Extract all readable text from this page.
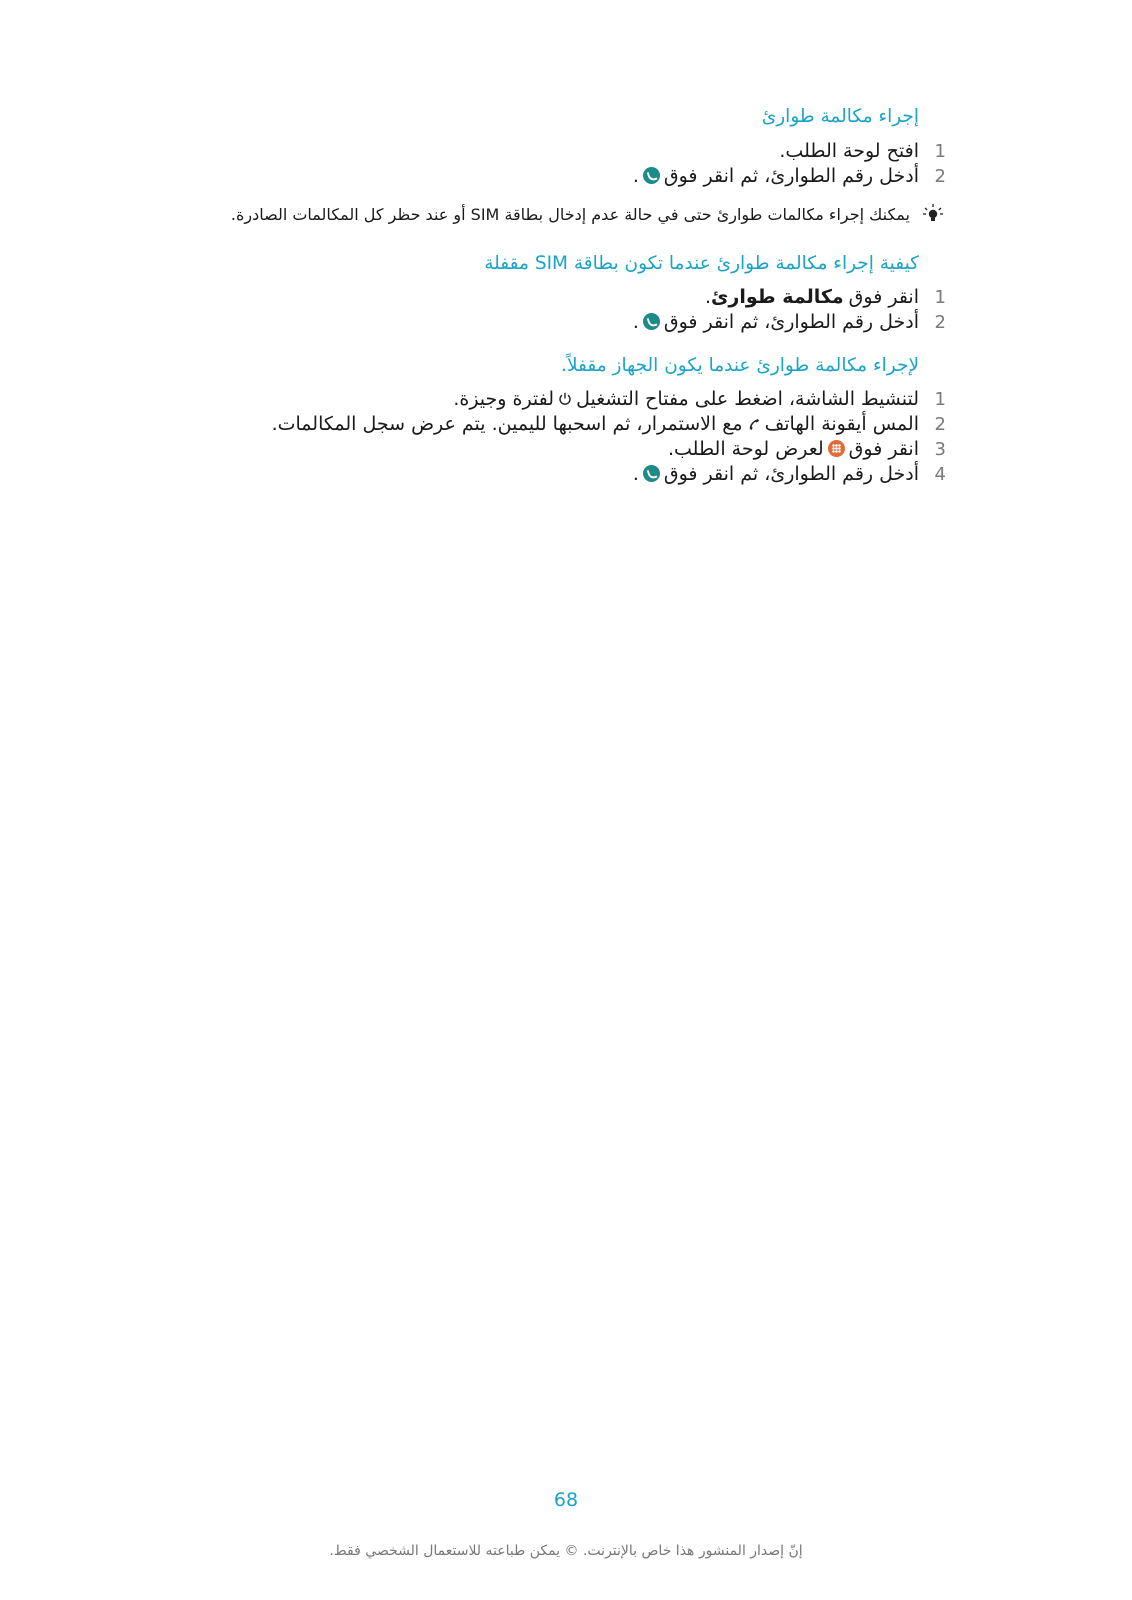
إجراء مكالمة طوارئ
1
افتح لوحة الطلب.
2
أدخل رقم الطوارئ، ثم انقر فوق
.
يمكنك إجراء مكالمات طوارئ حتى في حالة عدم إدخال بطاقة SIM أو عند حظر كل المكالمات الصادرة.
كيفية إجراء مكالمة طوارئ عندما تكون بطاقة SIM مقفلة
1
انقر فوق
مكالمة طوارئ
.
2
أدخل رقم الطوارئ، ثم انقر فوق
.
لإجراء مكالمة طوارئ عندما يكون الجهاز مقفلاً.
1
لتنشيط الشاشة، اضغط على مفتاح التشغيل
لفترة وجيزة.
2
المس أيقونة الهاتف
مع الاستمرار، ثم اسحبها لليمين. يتم عرض سجل المكالمات.
3
انقر فوق
لعرض لوحة الطلب.
4
أدخل رقم الطوارئ، ثم انقر فوق
.
68
إنّ إصدار المنشور هذا خاص بالإنترنت. © يمكن طباعته للاستعمال الشخصي فقط.
